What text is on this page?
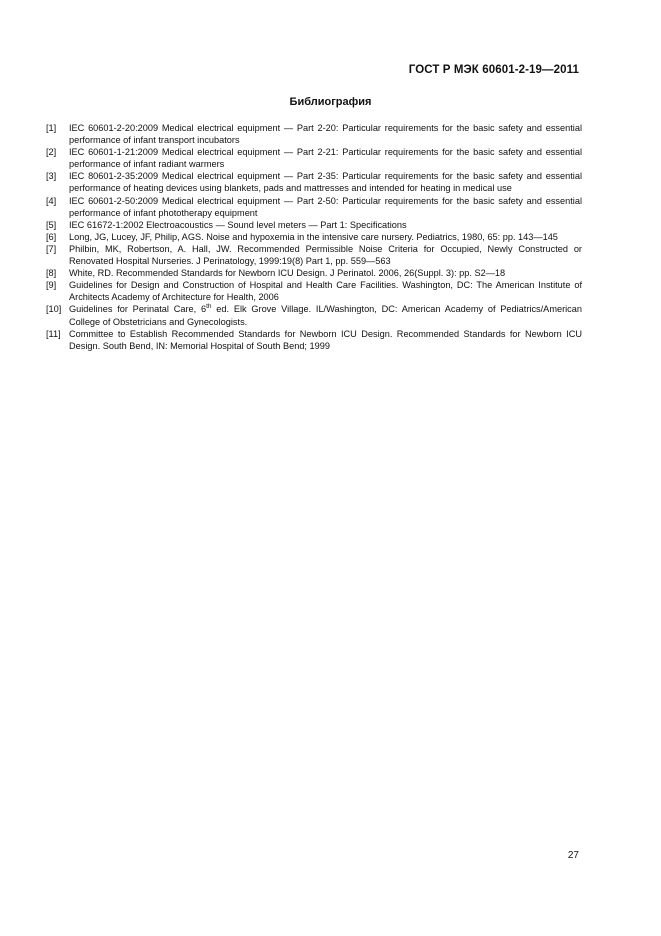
ГОСТ Р МЭК 60601-2-19—2011
Библиография
[1]	IEC 60601-2-20:2009 Medical electrical equipment — Part 2-20: Particular requirements for the basic safety and essential performance of infant transport incubators
[2]	IEC 60601-1-21:2009 Medical electrical equipment — Part 2-21: Particular requirements for the basic safety and essential performance of infant radiant warmers
[3]	IEC 80601-2-35:2009 Medical electrical equipment — Part 2-35: Particular requirements for the basic safety and essential performance of heating devices using blankets, pads and mattresses and intended for heating in medical use
[4]	IEC 60601-2-50:2009 Medical electrical equipment — Part 2-50: Particular requirements for the basic safety and essential performance of infant phototherapy equipment
[5]	IEC 61672-1:2002 Electroacoustics — Sound level meters — Part 1: Specifications
[6]	Long, JG, Lucey, JF, Philip, AGS. Noise and hypoxemia in the intensive care nursery. Pediatrics, 1980, 65: pp. 143—145
[7]	Philbin, MK, Robertson, A. Hall, JW. Recommended Permissible Noise Criteria for Occupied, Newly Constructed or Renovated Hospital Nurseries. J Perinatology, 1999:19(8) Part 1, pp. 559—563
[8]	White, RD. Recommended Standards for Newborn ICU Design. J Perinatol. 2006, 26(Suppl. 3): pp. S2—18
[9]	Guidelines for Design and Construction of Hospital and Health Care Facilities. Washington, DC: The American Institute of Architects Academy of Architecture for Health, 2006
[10] Guidelines for Perinatal Care, 6th ed. Elk Grove Village. IL/Washington, DC: American Academy of Pediatrics/American College of Obstetricians and Gynecologists.
[11] Committee to Establish Recommended Standards for Newborn ICU Design. Recommended Standards for Newborn ICU Design. South Bend, IN: Memorial Hospital of South Bend; 1999
27
